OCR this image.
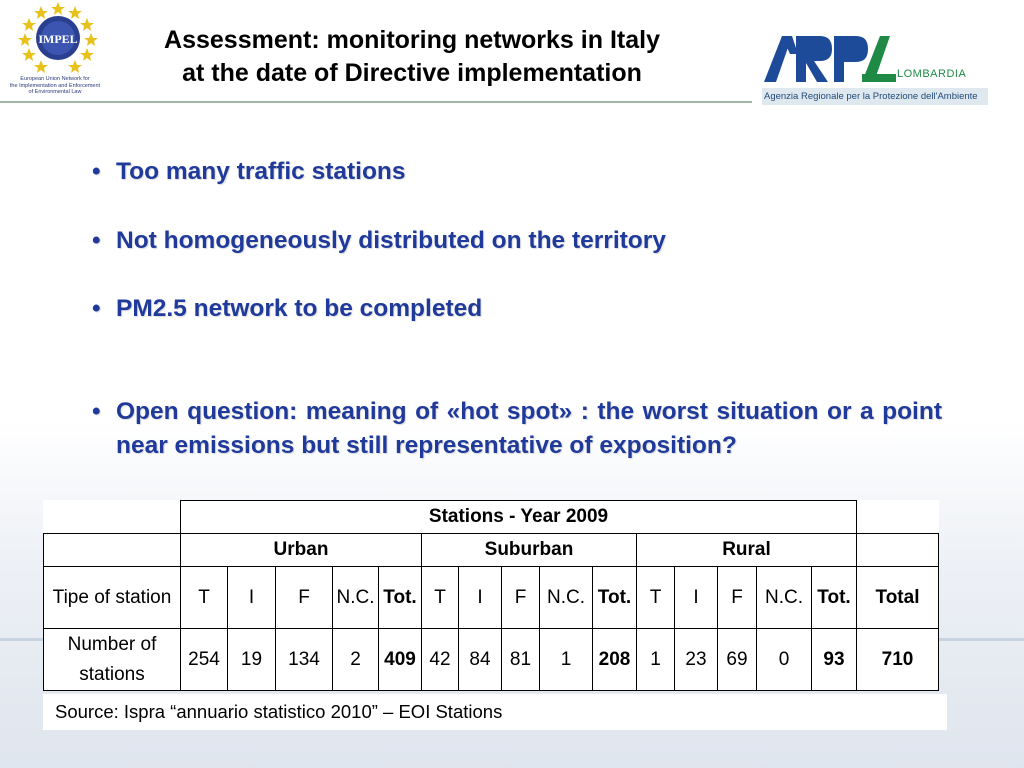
IMPEL
European Union Network for
the Implementation and Enforcement
of Environmental Law
Assessment: monitoring networks in Italy
at the date of Directive implementation
ARPA
LOMBARDIA
Agenzia Regionale per la Protezione dell'Ambiente
• Too many traffic stations
• Not homogeneously distributed on the territory
• PM2.5 network to be completed
• Open question: meaning of «hot spot» : the worst situation or a point near emissions but still representative of exposition?
	Stations - Year 2009															
	Urban					Suburban					Rural					
Tipe of station	T	I	F	N.C.	Tot.	T	I	F	N.C.	Tot.	T	I	F	N.C.	Tot.	Total
Number of stations	254	19	134	2	409	42	84	81	1	208	1	23	69	0	93	710
Source: Ispra “annuario statistico 2010” – EOI Stations
